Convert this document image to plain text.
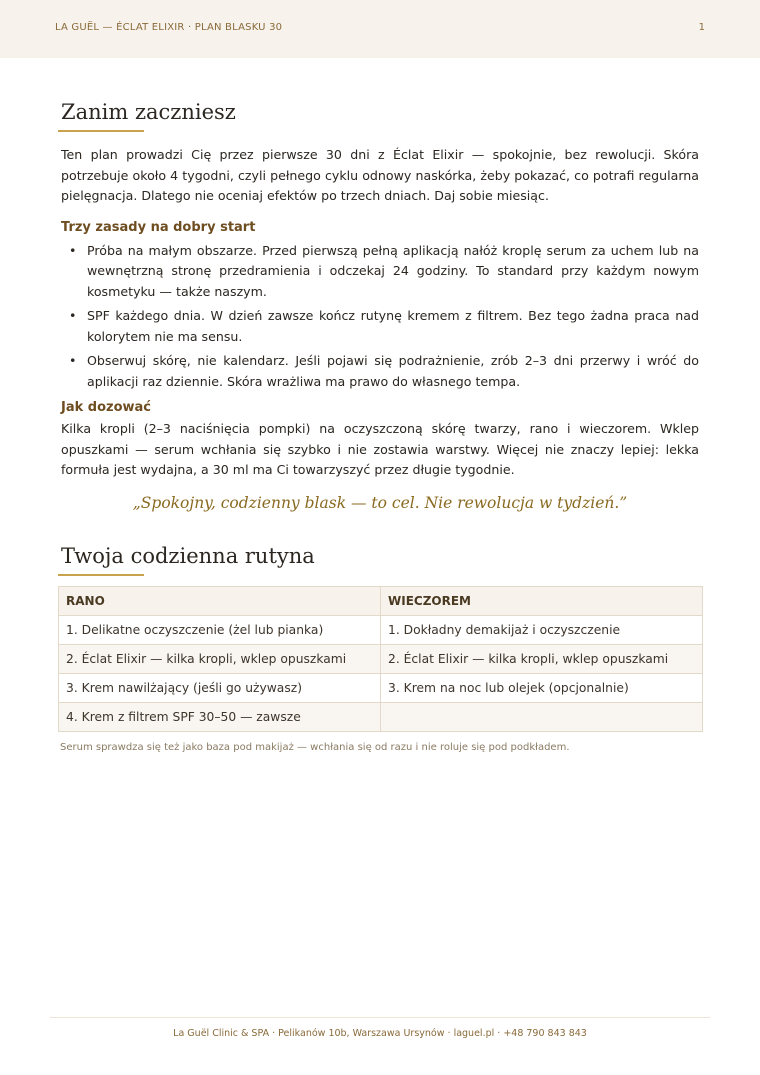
LA GUËL — ÉCLAT ELIXIR · PLAN BLASKU 30	1
Zanim zaczniesz

Ten plan prowadzi Cię przez pierwsze 30 dni z Éclat Elixir — spokojnie, bez rewolucji. Skóra potrzebuje około 4 tygodni, czyli pełnego cyklu odnowy naskórka, żeby pokazać, co potrafi regularna pielęgnacja. Dlatego nie oceniaj efektów po trzech dniach. Daj sobie miesiąc.

Trzy zasady na dobry start
• Próba na małym obszarze. Przed pierwszą pełną aplikacją nałóż kroplę serum za uchem lub na wewnętrzną stronę przedramienia i odczekaj 24 godziny. To standard przy każdym nowym kosmetyku — także naszym.
• SPF każdego dnia. W dzień zawsze kończ rutynę kremem z filtrem. Bez tego żadna praca nad kolorytem nie ma sensu.
• Obserwuj skórę, nie kalendarz. Jeśli pojawi się podrażnienie, zrób 2–3 dni przerwy i wróć do aplikacji raz dziennie. Skóra wrażliwa ma prawo do własnego tempa.
Jak dozować

Kilka kropli (2–3 naciśnięcia pompki) na oczyszczoną skórę twarzy, rano i wieczorem. Wklep opuszkami — serum wchłania się szybko i nie zostawia warstwy. Więcej nie znaczy lepiej: lekka formuła jest wydajna, a 30 ml ma Ci towarzyszyć przez długie tygodnie.

„Spokojny, codzienny blask — to cel. Nie rewolucja w tydzień.”
Twoja codzienna rutyna
RANO	WIECZOREM
1. Delikatne oczyszczenie (żel lub pianka)	1. Dokładny demakijaż i oczyszczenie
2. Éclat Elixir — kilka kropli, wklep opuszkami	2. Éclat Elixir — kilka kropli, wklep opuszkami
3. Krem nawilżający (jeśli go używasz)	3. Krem na noc lub olejek (opcjonalnie)
4. Krem z filtrem SPF 30–50 — zawsze	
Serum sprawdza się też jako baza pod makijaż — wchłania się od razu i nie roluje się pod podkładem.
La Guël Clinic & SPA · Pelikanów 10b, Warszawa Ursynów · laguel.pl · +48 790 843 843
